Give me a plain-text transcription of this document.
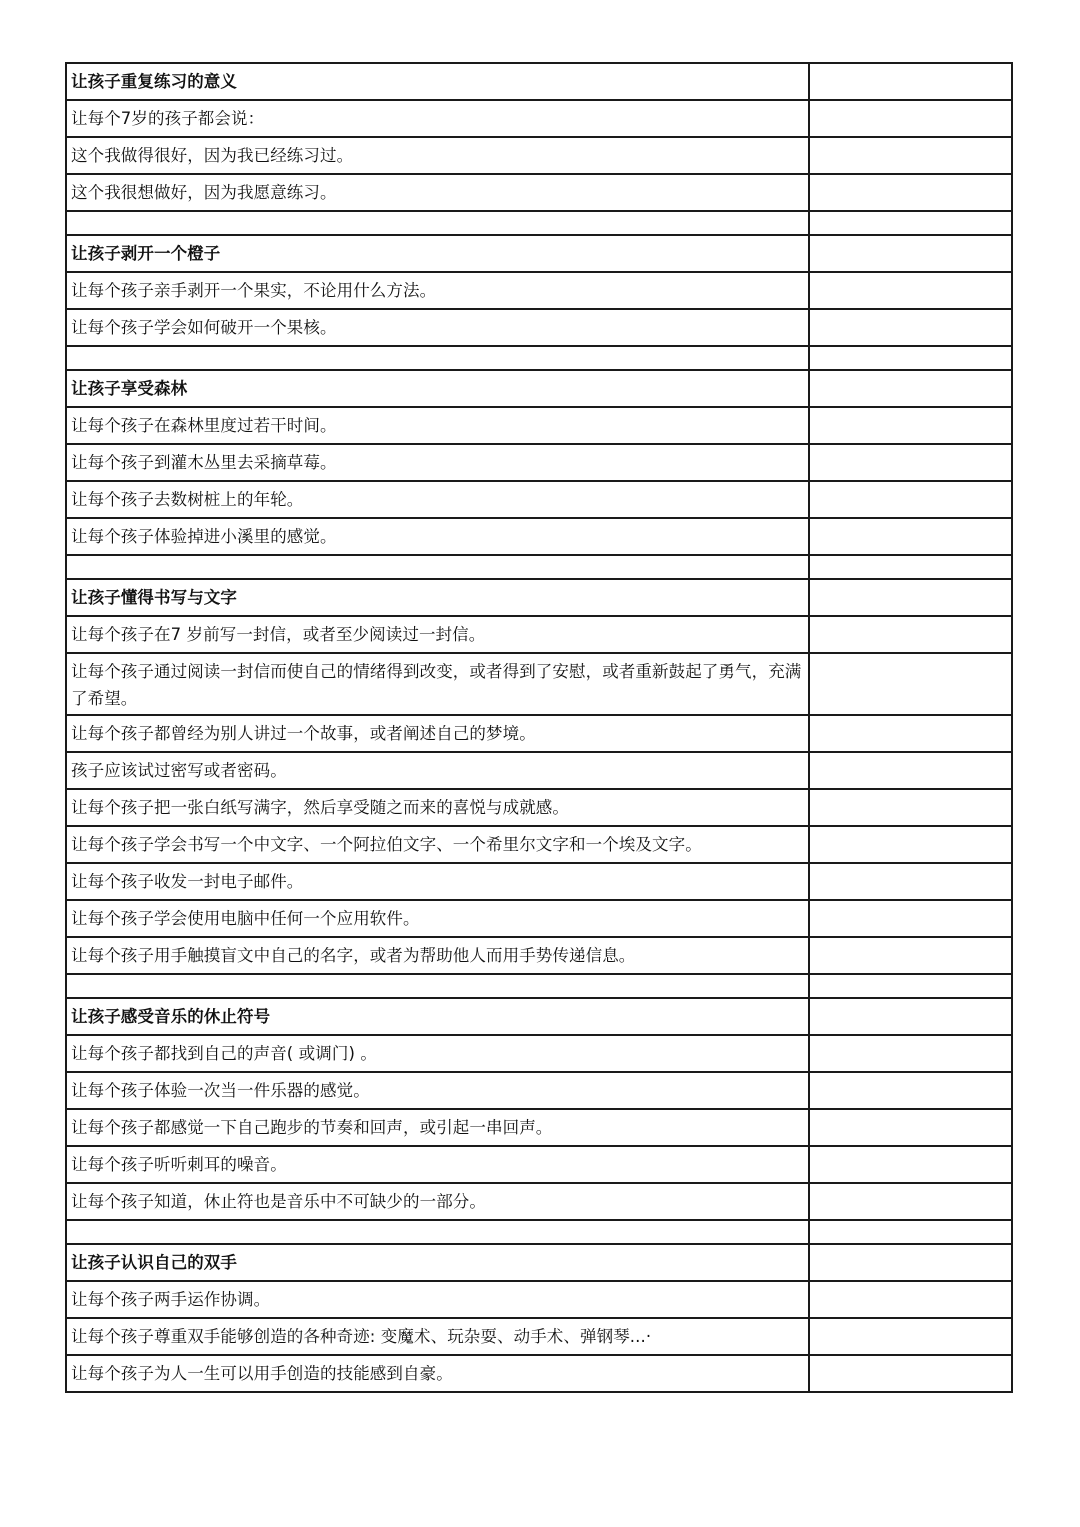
让孩子重复练习的意义
让每个7岁的孩子都会说：
这个我做得很好，因为我已经练习过。
这个我很想做好，因为我愿意练习。
让孩子剥开一个橙子
让每个孩子亲手剥开一个果实，不论用什么方法。
让每个孩子学会如何破开一个果核。
让孩子享受森林
让每个孩子在森林里度过若干时间。
让每个孩子到灌木丛里去采摘草莓。
让每个孩子去数树桩上的年轮。
让每个孩子体验掉进小溪里的感觉。
让孩子懂得书写与文字
让每个孩子在7 岁前写一封信，或者至少阅读过一封信。
让每个孩子通过阅读一封信而使自己的情绪得到改变，或者得到了安慰，或者重新鼓起了勇气，充满了希望。
让每个孩子都曾经为别人讲过一个故事，或者阐述自己的梦境。
孩子应该试过密写或者密码。
让每个孩子把一张白纸写满字，然后享受随之而来的喜悦与成就感。
让每个孩子学会书写一个中文字、一个阿拉伯文字、一个希里尔文字和一个埃及文字。
让每个孩子收发一封电子邮件。
让每个孩子学会使用电脑中任何一个应用软件。
让每个孩子用手触摸盲文中自己的名字，或者为帮助他人而用手势传递信息。
让孩子感受音乐的休止符号
让每个孩子都找到自己的声音( 或调门) 。
让每个孩子体验一次当一件乐器的感觉。
让每个孩子都感觉一下自己跑步的节奏和回声，或引起一串回声。
让每个孩子听听刺耳的噪音。
让每个孩子知道，休止符也是音乐中不可缺少的一部分。
让孩子认识自己的双手
让每个孩子两手运作协调。
让每个孩子尊重双手能够创造的各种奇迹: 变魔术、玩杂耍、动手术、弹钢琴...·
让每个孩子为人一生可以用手创造的技能感到自豪。
